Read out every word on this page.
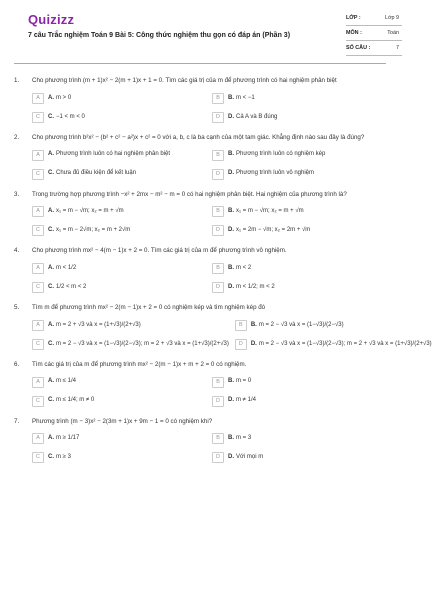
Quizizz
7 câu Trắc nghiệm Toán 9 Bài 5: Công thức nghiệm thu gọn có đáp án (Phần 3)
LỚP :	Lớp 9
MÔN :	Toán
SỐ CÂU :	7
1.	Cho phương trình (m + 1)x² − 2(m + 1)x + 1 = 0. Tìm các giá trị của m để phương trình có hai nghiệm phân biệt
A	A. m > 0	B	B. m < −1
C	C. −1 < m < 0	D	D. Cả A và B đúng
2.	Cho phương trình b²x² − (b² + c² − a²)x + c² = 0 với a, b, c là ba cạnh của một tam giác. Khẳng định nào sau đây là đúng?
A	A. Phương trình luôn có hai nghiệm phân biệt	B	B. Phương trình luôn có nghiệm kép
C	C. Chưa đủ điều kiện để kết luận	D	D. Phương trình luôn vô nghiệm
3.	Trong trường hợp phương trình −x² + 2mx − m² − m = 0 có hai nghiệm phân biệt. Hai nghiệm của phương trình là?
A	A. x₁ = m − √m; x₂ = m + √m	B	B. x₁ = m − √m; x₂ = m + √m
C	C. x₁ = m − 2√m; x₂ = m + 2√m	D	D. x₁ = 2m − √m; x₂ = 2m + √m
4.	Cho phương trình mx² − 4(m − 1)x + 2 = 0. Tìm các giá trị của m để phương trình vô nghiệm.
A	A. m < 1/2	B	B. m < 2
C	C. 1/2 < m < 2	D	D. m < 1/2; m < 2
5.	Tìm m để phương trình mx² − 2(m − 1)x + 2 = 0 có nghiệm kép và tìm nghiệm kép đó
A	A. m = 2 + √3 và x = (1+√3)/(2+√3)	B	B. m = 2 − √3 và x = (1−√3)/(2−√3)
C	C. m = 2 − √3 và x = (1−√3)/(2−√3); m = 2 + √3 và x = (1+√3)/(2+√3)	D	D. m = 2 − √3 và x = (1−√3)/(2−√3); m = 2 + √3 và x = (1+√3)/(2+√3)
6.	Tìm các giá trị của m để phương trình mx² − 2(m − 1)x + m + 2 = 0 có nghiệm.
A	A. m ≤ 1/4	B	B. m = 0
C	C. m ≤ 1/4; m ≠ 0	D	D. m ≠ 1/4
7.	Phương trình (m − 3)x² − 2(3m + 1)x + 9m − 1 = 0 có nghiệm khi?
A	A. m ≥ 1/17	B	B. m = 3
C	C. m ≥ 3	D	D. Với mọi m
